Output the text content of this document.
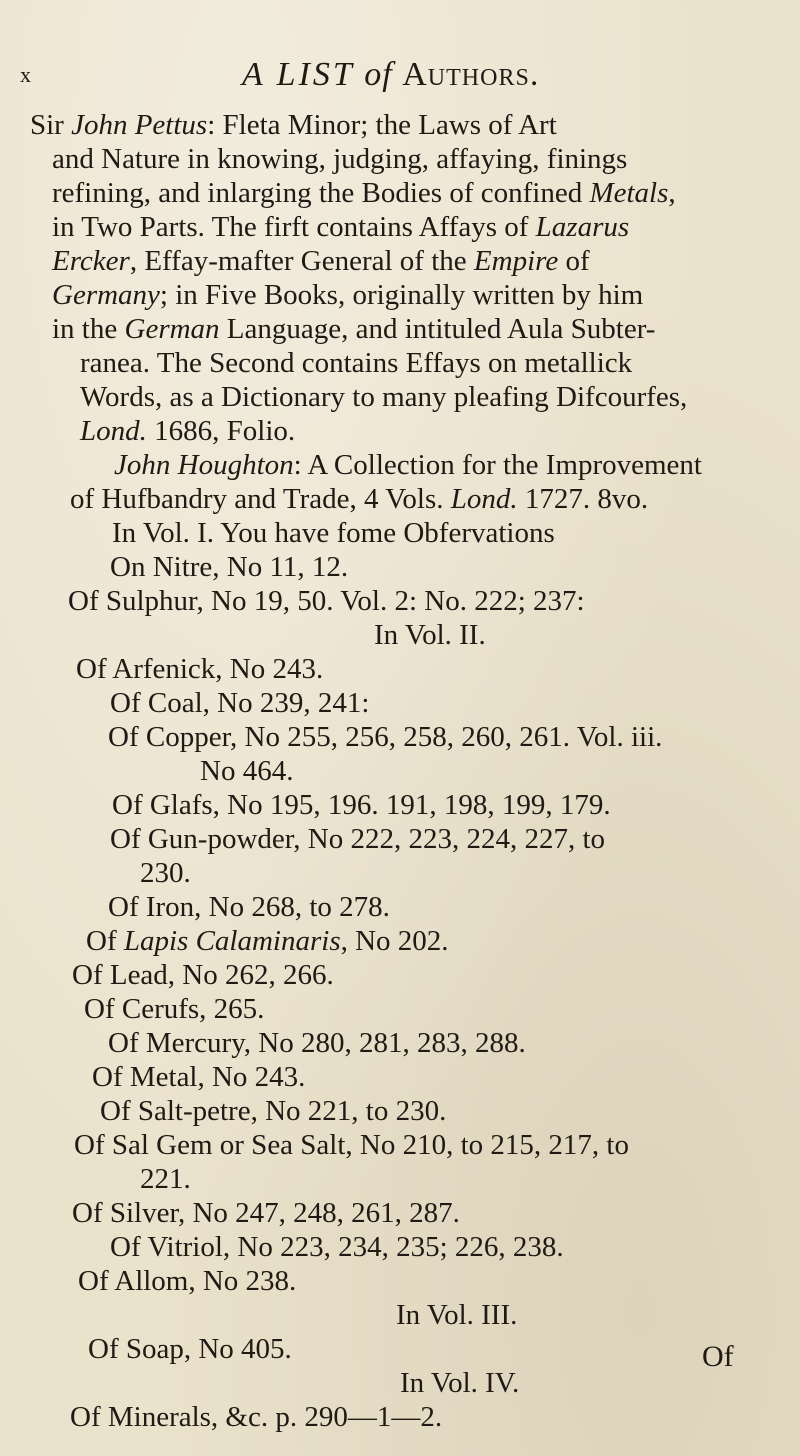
x	A LIST of Authors.
Sir John Pettus: Fleta Minor; the Laws of Art
and Nature in knowing, judging, affaying, finings
refining, and inlarging the Bodies of confined Metals,
in Two Parts. The firft contains Affays of Lazarus
Ercker, Effay-mafter General of the Empire of
Germany; in Five Books, originally written by him
in the German Language, and intituled Aula Subter-
ranea. The Second contains Effays on metallick
Words, as a Dictionary to many pleafing Difcourfes,
Lond. 1686, Folio.
John Houghton: A Collection for the Improvement
of Hufbandry and Trade, 4 Vols. Lond. 1727. 8vo.
In Vol. I. You have fome Obfervations
On Nitre, No 11, 12.
Of Sulphur, No 19, 50. Vol. 2: No. 222; 237:
In Vol. II.
Of Arfenick, No 243.
Of Coal, No 239, 241:
Of Copper, No 255, 256, 258, 260, 261. Vol. iii.
No 464.
Of Glafs, No 195, 196. 191, 198, 199, 179.
Of Gun-powder, No 222, 223, 224, 227, to
230.
Of Iron, No 268, to 278.
Of Lapis Calaminaris, No 202.
Of Lead, No 262, 266.
Of Cerufs, 265.
Of Mercury, No 280, 281, 283, 288.
Of Metal, No 243.
Of Salt-petre, No 221, to 230.
Of Sal Gem or Sea Salt, No 210, to 215, 217, to
221.
Of Silver, No 247, 248, 261, 287.
Of Vitriol, No 223, 234, 235; 226, 238.
Of Allom, No 238.
In Vol. III.
Of Soap, No 405.
In Vol. IV.
Of Minerals, &c. p. 290—1—2.
Of
